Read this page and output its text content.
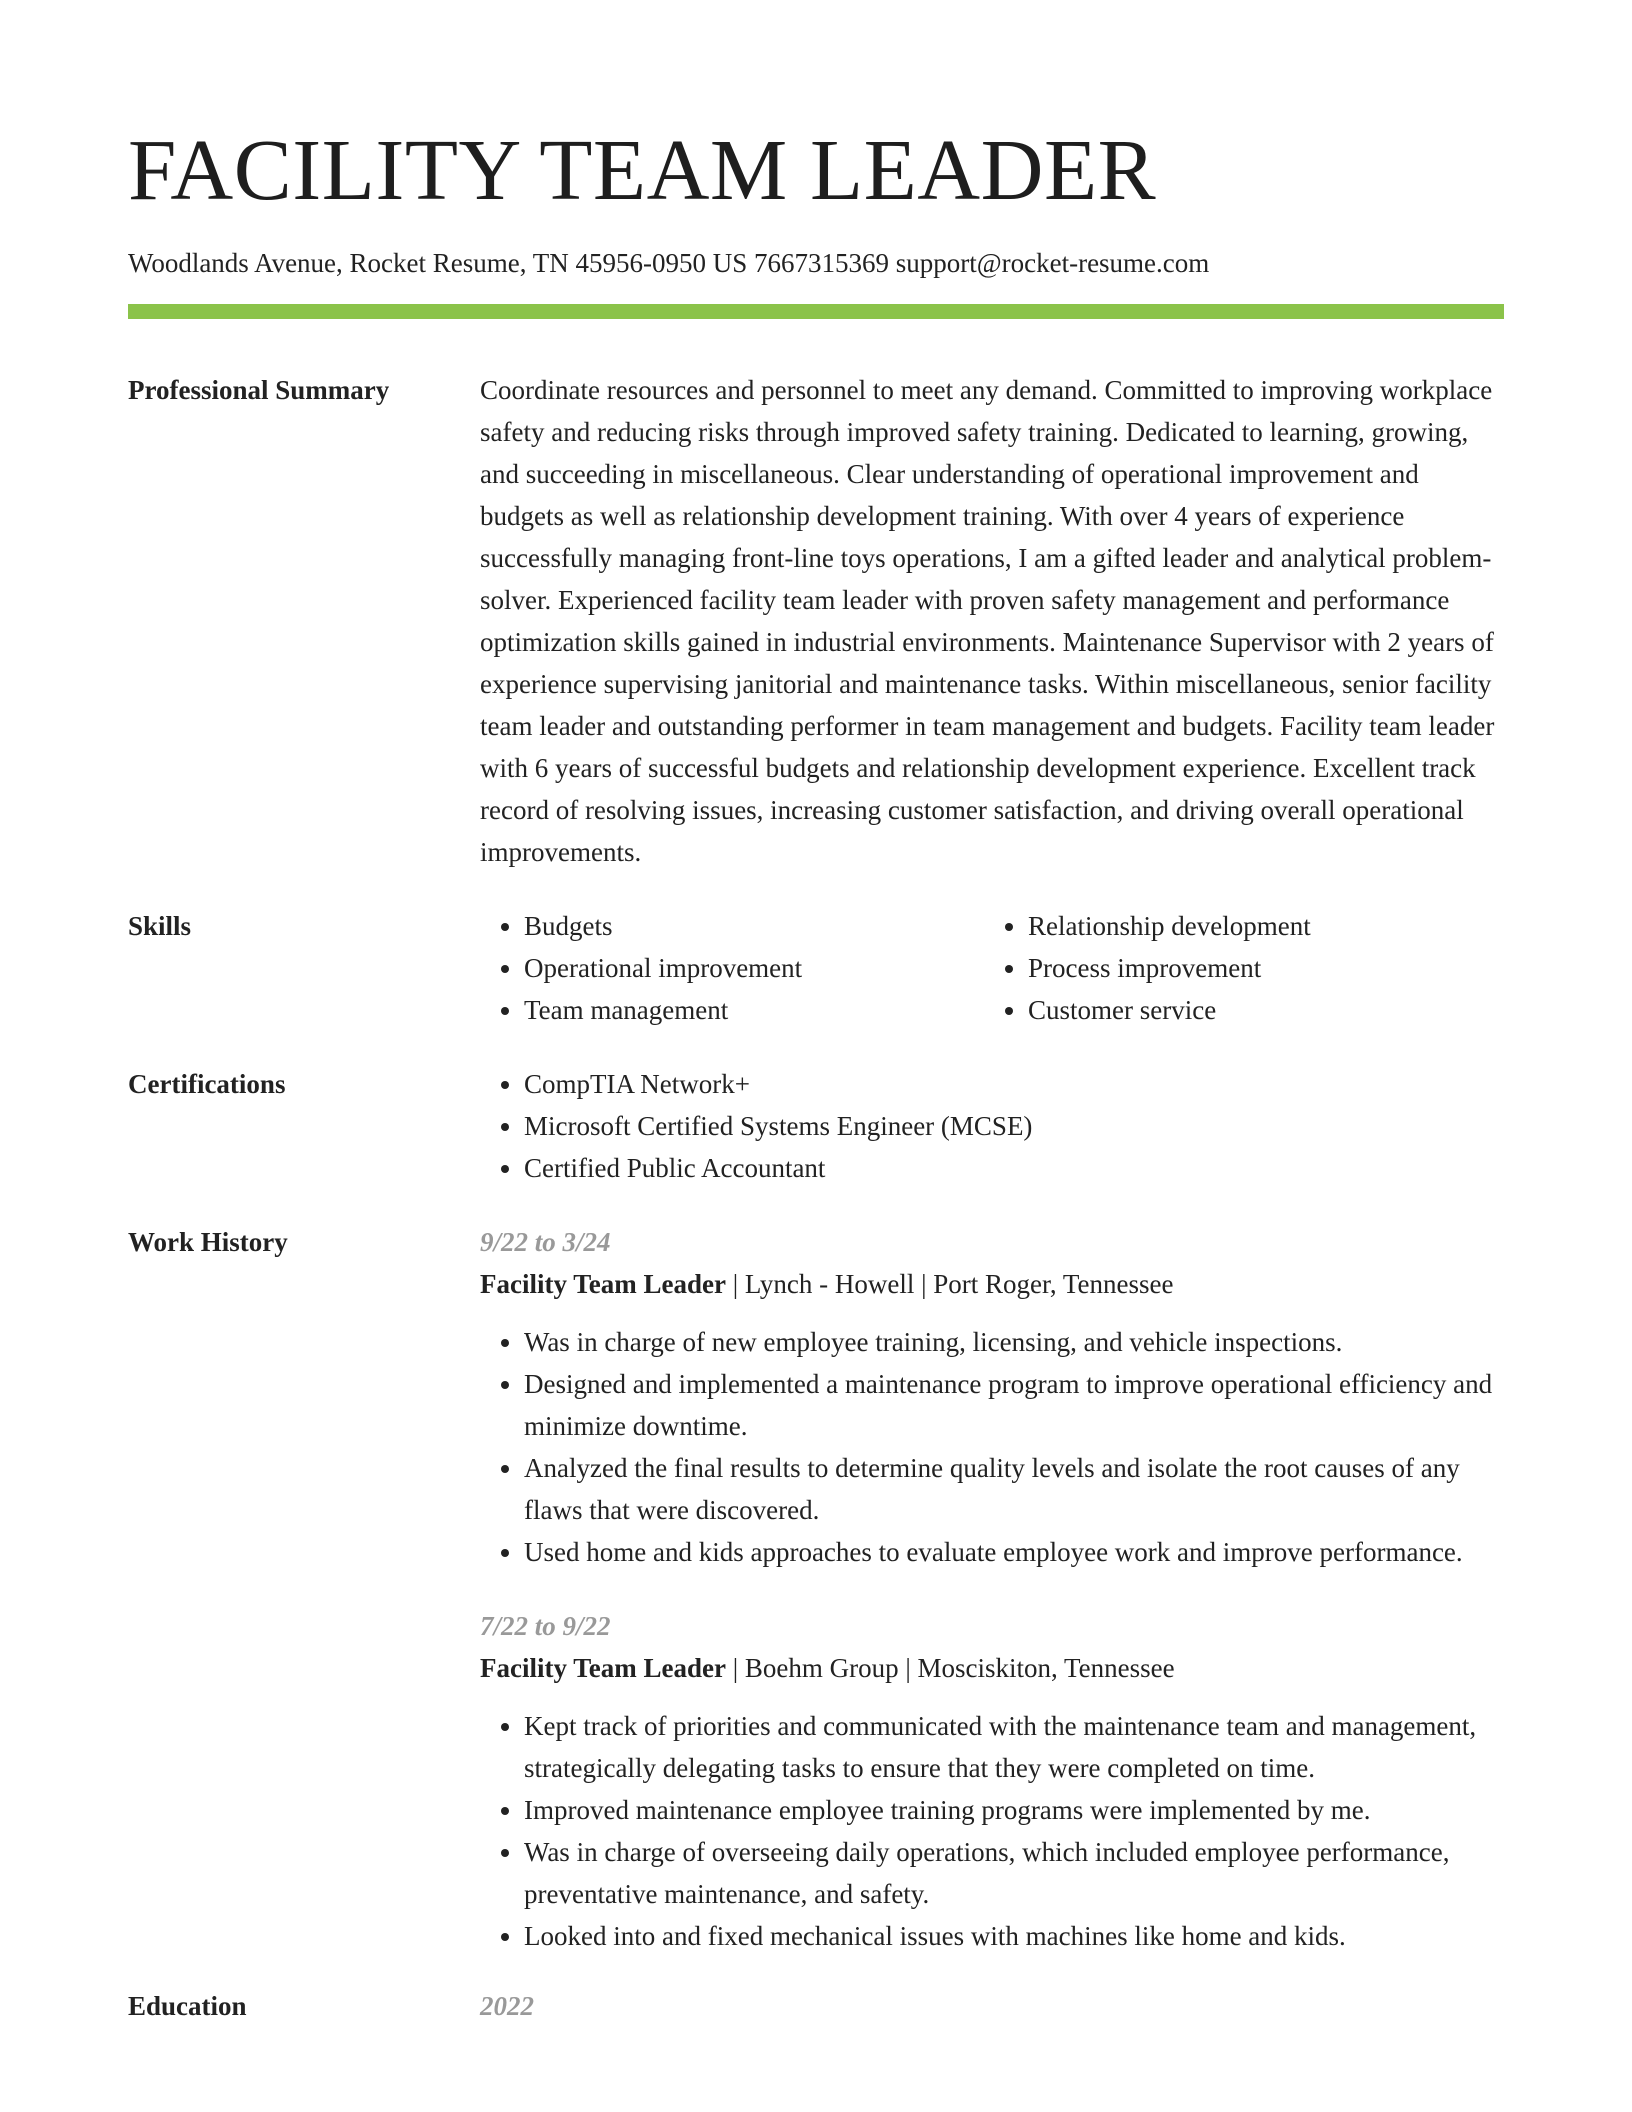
FACILITY TEAM LEADER
Woodlands Avenue, Rocket Resume, TN 45956-0950 US 7667315369 support@rocket-resume.com
Professional Summary	Coordinate resources and personnel to meet any demand. Committed to improving workplace safety and reducing risks through improved safety training. Dedicated to learning, growing, and succeeding in miscellaneous. Clear understanding of operational improvement and budgets as well as relationship development training. With over 4 years of experience successfully managing front-line toys operations, I am a gifted leader and analytical problem-solver. Experienced facility team leader with proven safety management and performance optimization skills gained in industrial environments. Maintenance Supervisor with 2 years of experience supervising janitorial and maintenance tasks. Within miscellaneous, senior facility team leader and outstanding performer in team management and budgets. Facility team leader with 6 years of successful budgets and relationship development experience. Excellent track record of resolving issues, increasing customer satisfaction, and driving overall operational improvements.

Skills	• Budgets
• Operational improvement
• Team management
• Relationship development
• Process improvement
• Customer service
Certifications	• CompTIA Network+
• Microsoft Certified Systems Engineer (MCSE)
• Certified Public Accountant
Work History	9/22 to 3/24

Facility Team Leader | Lynch - Howell | Port Roger, Tennessee

• Was in charge of new employee training, licensing, and vehicle inspections.
• Designed and implemented a maintenance program to improve operational efficiency and minimize downtime.
• Analyzed the final results to determine quality levels and isolate the root causes of any flaws that were discovered.
• Used home and kids approaches to evaluate employee work and improve performance.
7/22 to 9/22

Facility Team Leader | Boehm Group | Mosciskiton, Tennessee

• Kept track of priorities and communicated with the maintenance team and management, strategically delegating tasks to ensure that they were completed on time.
• Improved maintenance employee training programs were implemented by me.
• Was in charge of overseeing daily operations, which included employee performance, preventative maintenance, and safety.
• Looked into and fixed mechanical issues with machines like home and kids.
Education	2022
